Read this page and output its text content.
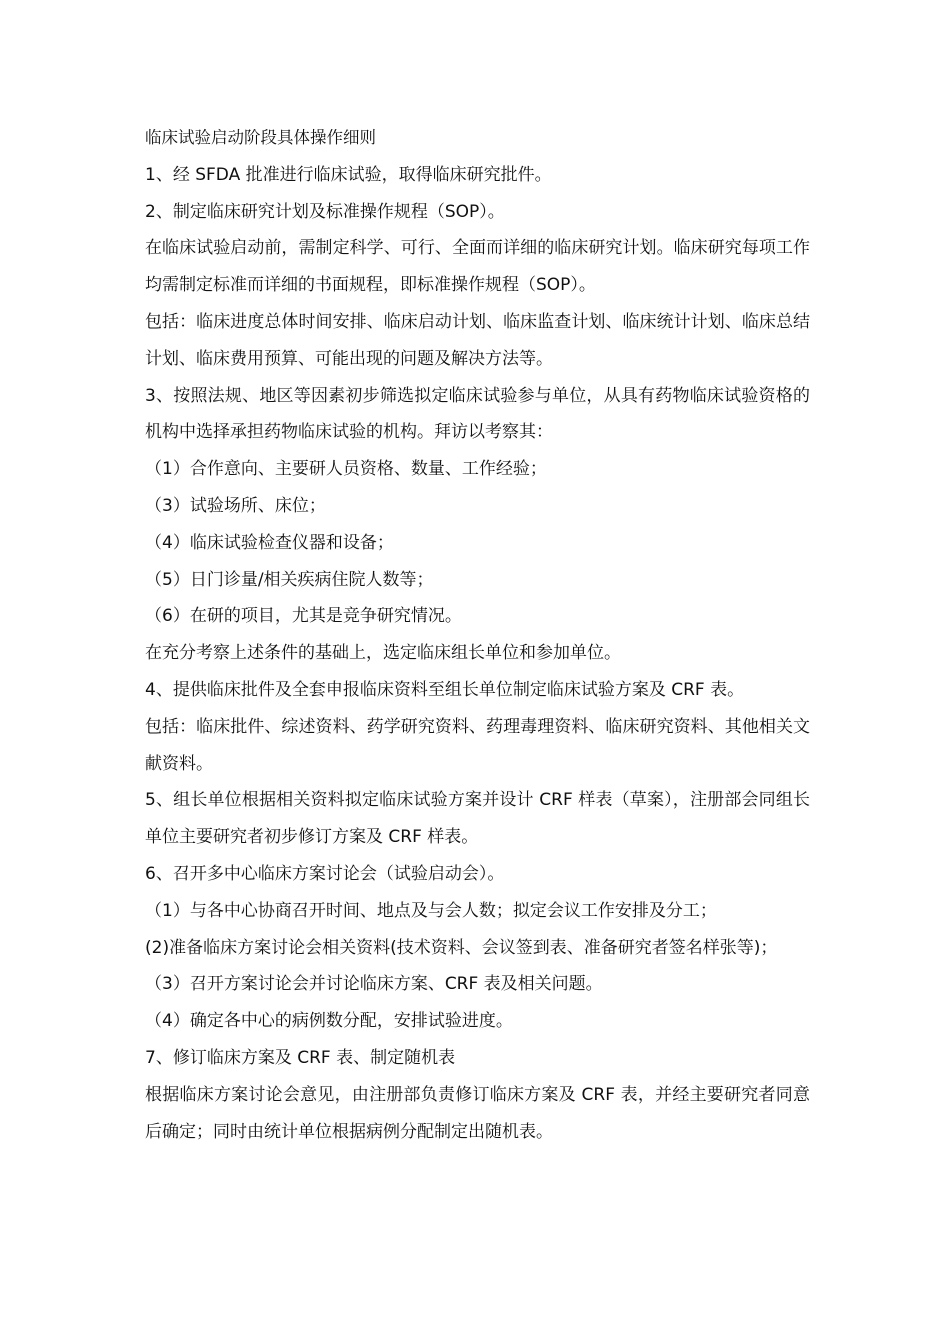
临床试验启动阶段具体操作细则

1、经 SFDA 批准进行临床试验，取得临床研究批件。

2、制定临床研究计划及标准操作规程（SOP）。

在临床试验启动前，需制定科学、可行、全面而详细的临床研究计划。临床研究每项工作均需制定标准而详细的书面规程，即标准操作规程（SOP）。

包括：临床进度总体时间安排、临床启动计划、临床监查计划、临床统计计划、临床总结计划、临床费用预算、可能出现的问题及解决方法等。

3、按照法规、地区等因素初步筛选拟定临床试验参与单位，从具有药物临床试验资格的机构中选择承担药物临床试验的机构。拜访以考察其：

（1）合作意向、主要研人员资格、数量、工作经验；

（3）试验场所、床位；

（4）临床试验检查仪器和设备；

（5）日门诊量/相关疾病住院人数等；

（6）在研的项目，尤其是竞争研究情况。

在充分考察上述条件的基础上，选定临床组长单位和参加单位。

4、提供临床批件及全套申报临床资料至组长单位制定临床试验方案及 CRF 表。

包括：临床批件、综述资料、药学研究资料、药理毒理资料、临床研究资料、其他相关文献资料。

5、组长单位根据相关资料拟定临床试验方案并设计 CRF 样表（草案），注册部会同组长单位主要研究者初步修订方案及 CRF 样表。

6、召开多中心临床方案讨论会（试验启动会）。

（1）与各中心协商召开时间、地点及与会人数；拟定会议工作安排及分工；

(2)准备临床方案讨论会相关资料(技术资料、会议签到表、准备研究者签名样张等)；

（3）召开方案讨论会并讨论临床方案、CRF 表及相关问题。

（4）确定各中心的病例数分配，安排试验进度。

7、修订临床方案及 CRF 表、制定随机表

根据临床方案讨论会意见，由注册部负责修订临床方案及 CRF 表，并经主要研究者同意后确定；同时由统计单位根据病例分配制定出随机表。
